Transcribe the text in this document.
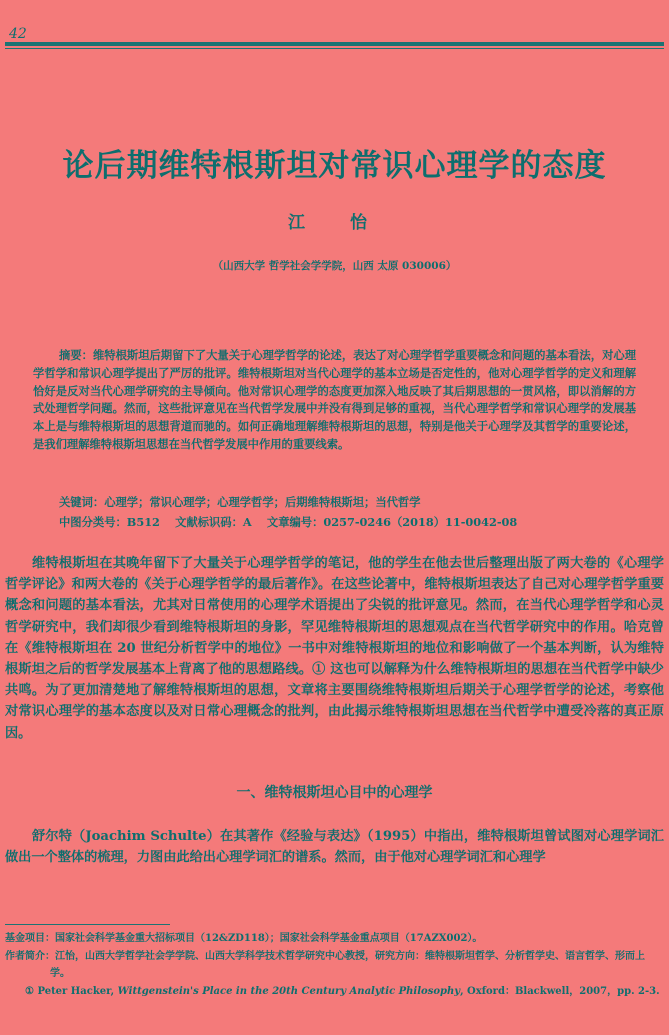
42
论后期维特根斯坦对常识心理学的态度
江　怡
（山西大学 哲学社会学学院，山西 太原 030006）
摘要：维特根斯坦后期留下了大量关于心理学哲学的论述，表达了对心理学哲学重要概念和问题的基本看法，对心理学哲学和常识心理学提出了严厉的批评。维特根斯坦对当代心理学的基本立场是否定性的，他对心理学哲学的定义和理解恰好是反对当代心理学研究的主导倾向。他对常识心理学的态度更加深入地反映了其后期思想的一贯风格，即以消解的方式处理哲学问题。然而，这些批评意见在当代哲学发展中并没有得到足够的重视，当代心理学哲学和常识心理学的发展基本上是与维特根斯坦的思想背道而驰的。如何正确地理解维特根斯坦的思想，特别是他关于心理学及其哲学的重要论述，是我们理解维特根斯坦思想在当代哲学发展中作用的重要线索。
关键词：心理学；常识心理学；心理学哲学；后期维特根斯坦；当代哲学
中图分类号：B512　 文献标识码：A　 文章编号：0257-0246（2018）11-0042-08
维特根斯坦在其晚年留下了大量关于心理学哲学的笔记，他的学生在他去世后整理出版了两大卷的《心理学哲学评论》和两大卷的《关于心理学哲学的最后著作》。在这些论著中，维特根斯坦表达了自己对心理学哲学重要概念和问题的基本看法，尤其对日常使用的心理学术语提出了尖锐的批评意见。然而，在当代心理学哲学和心灵哲学研究中，我们却很少看到维特根斯坦的身影，罕见维特根斯坦的思想观点在当代哲学研究中的作用。哈克曾在《维特根斯坦在 20 世纪分析哲学中的地位》一书中对维特根斯坦的地位和影响做了一个基本判断，认为维特根斯坦之后的哲学发展基本上背离了他的思想路线。① 这也可以解释为什么维特根斯坦的思想在当代哲学中缺少共鸣。为了更加清楚地了解维特根斯坦的思想，文章将主要围绕维特根斯坦后期关于心理学哲学的论述，考察他对常识心理学的基本态度以及对日常心理概念的批判，由此揭示维特根斯坦思想在当代哲学中遭受冷落的真正原因。
一、维特根斯坦心目中的心理学
舒尔特（Joachim Schulte）在其著作《经验与表达》（1995）中指出，维特根斯坦曾试图对心理学词汇做出一个整体的梳理，力图由此给出心理学词汇的谱系。然而，由于他对心理学词汇和心理学
基金项目：国家社会科学基金重大招标项目（12&ZD118）；国家社会科学基金重点项目（17AZX002）。
作者简介：江怡，山西大学哲学社会学学院、山西大学科学技术哲学研究中心教授，研究方向：维特根斯坦哲学、分析哲学史、语言哲学、形而上学。
① Peter Hacker, Wittgenstein's Place in the 20th Century Analytic Philosophy, Oxford：Blackwell，2007，pp. 2-3.
